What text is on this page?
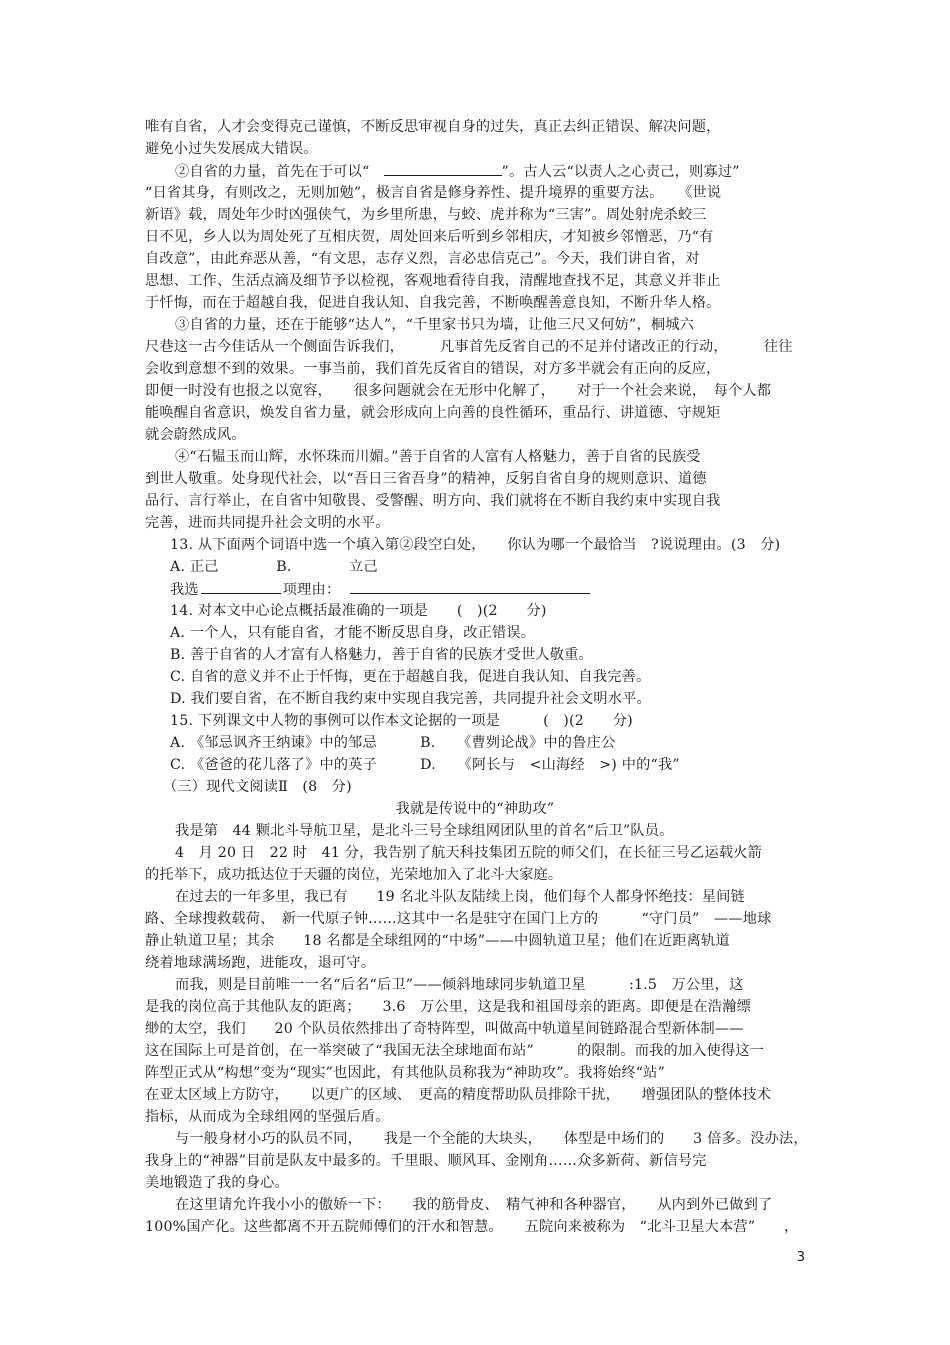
唯有自省，人才会变得克己谨慎，不断反思审视自身的过失，真正去纠正错误、解决问题，
避免小过失发展成大错误。
②自省的力量，首先在于可以“	”。古人云“以责人之心责己，则寡过”
“日省其身，有则改之，无则加勉”，极言自省是修身养性、提升境界的重要方法。　　《世说
新语》载，周处年少时凶强侠气，为乡里所患，与蛟、虎并称为“三害”。周处射虎杀蛟三
日不见，乡人以为周处死了互相庆贺，周处回来后听到乡邻相庆，才知被乡邻憎恶，乃“有
自改意”，由此弃恶从善，“有文思，志存义烈，言必忠信克己”。今天，我们讲自省，对
思想、工作、生活点滴及细节予以检视，客观地看待自我，清醒地查找不足，其意义并非止
于忏悔，而在于超越自我，促进自我认知、自我完善，不断唤醒善意良知，不断升华人格。
③自省的力量，还在于能够“达人”，“千里家书只为墙，让他三尺又何妨”，桐城六
尺巷这一古今佳话从一个侧面告诉我们，　　　凡事首先反省自己的不足并付诸改正的行动，　　　往往
会收到意想不到的效果。一事当前，我们首先反省自的错误，对方多半就会有正向的反应，
即便一时没有也报之以宽容，　　很多问题就会在无形中化解了，　　对于一个社会来说，　每个人都
能唤醒自省意识，焕发自省力量，就会形成向上向善的良性循环，重品行、讲道德、守规矩
就会蔚然成风。
④“石韫玉而山辉，水怀珠而川媚。”善于自省的人富有人格魅力，善于自省的民族受
到世人敬重。处身现代社会，以“吾日三省吾身”的精神，反躬自省自身的规则意识、道德
品行、言行举止，在自省中知敬畏、受警醒、明方向、我们就将在不断自我约束中实现自我
完善，进而共同提升社会文明的水平。
13. 从下面两个词语中选一个填入第②段空白处，　　你认为哪一个最恰当　?说说理由。(3　分)
A. 正己　　　　B.　　　　立己
我选	项理由：
14. 对本文中心论点概括最准确的一项是　　(　)(2　　分)
A. 一个人，只有能自省，才能不断反思自身，改正错误。
B. 善于自省的人才富有人格魅力，善于自省的民族才受世人敬重。
C. 自省的意义并不止于忏悔，更在于超越自我，促进自我认知、自我完善。
D. 我们要自省，在不断自我约束中实现自我完善，共同提升社会文明水平。
15. 下列课文中人物的事例可以作本文论据的一项是　　　(　)(2　　分)
A. 《邹忌讽齐王纳谏》中的邹忌　　　B.　　《曹刿论战》中的鲁庄公
C. 《爸爸的花儿落了》中的英子　　　D.　　《阿长与　<山海经　>) 中的“我”
（三）现代文阅读Ⅱ　(8　分)
我就是传说中的“神助攻”
我是第　44 颗北斗导航卫星，是北斗三号全球组网团队里的首名“后卫”队员。
4　月 20 日　22 时　41 分，我告别了航天科技集团五院的师父们，在长征三号乙运载火箭
的托举下，成功抵达位于天疆的岗位，光荣地加入了北斗大家庭。
在过去的一年多里，我已有　　19 名北斗队友陆续上岗，他们每个人都身怀绝技：星间链
路、全球搜救载荷、　新一代原子钟……这其中一名是驻守在国门上方的　　　“守门员”　——地球
静止轨道卫星；其余　　18 名都是全球组网的“中场”——中圆轨道卫星；他们在近距离轨道
绕着地球满场跑，进能攻，退可守。
而我，则是目前唯一一名“后名“后卫”——倾斜地球同步轨道卫星　　　:1.5　万公里，这
是我的岗位高于其他队友的距离；　　3.6　万公里，这是我和祖国母亲的距离。即便是在浩瀚缥
缈的太空，我们　　20 个队员依然排出了奇特阵型，叫做高中轨道星间链路混合型新体制——
这在国际上可是首创，在一举突破了“我国无法全球地面布站”　　　的限制。而我的加入使得这一
阵型正式从“构想”变为“现实”也因此，有其他队员称我为“神助攻”。我将始终“站”
在亚太区域上方防守，　　以更广的区域、　更高的精度帮助队员排除干扰，　　增强团队的整体技术
指标，从而成为全球组网的坚强后盾。
与一般身材小巧的队员不同，　　我是一个全能的大块头，　　体型是中场们的　　3 倍多。没办法，
我身上的“神器”目前是队友中最多的。千里眼、顺风耳、金刚角……众多新荷、新信号完
美地锻造了我的身心。
在这里请允许我小小的傲娇一下：　　我的筋骨皮、　精气神和各种器官，　　从内到外已做到了
100%国产化。这些都离不开五院师傅们的汗水和智慧。　　五院向来被称为　“北斗卫星大本营”　　，
3
